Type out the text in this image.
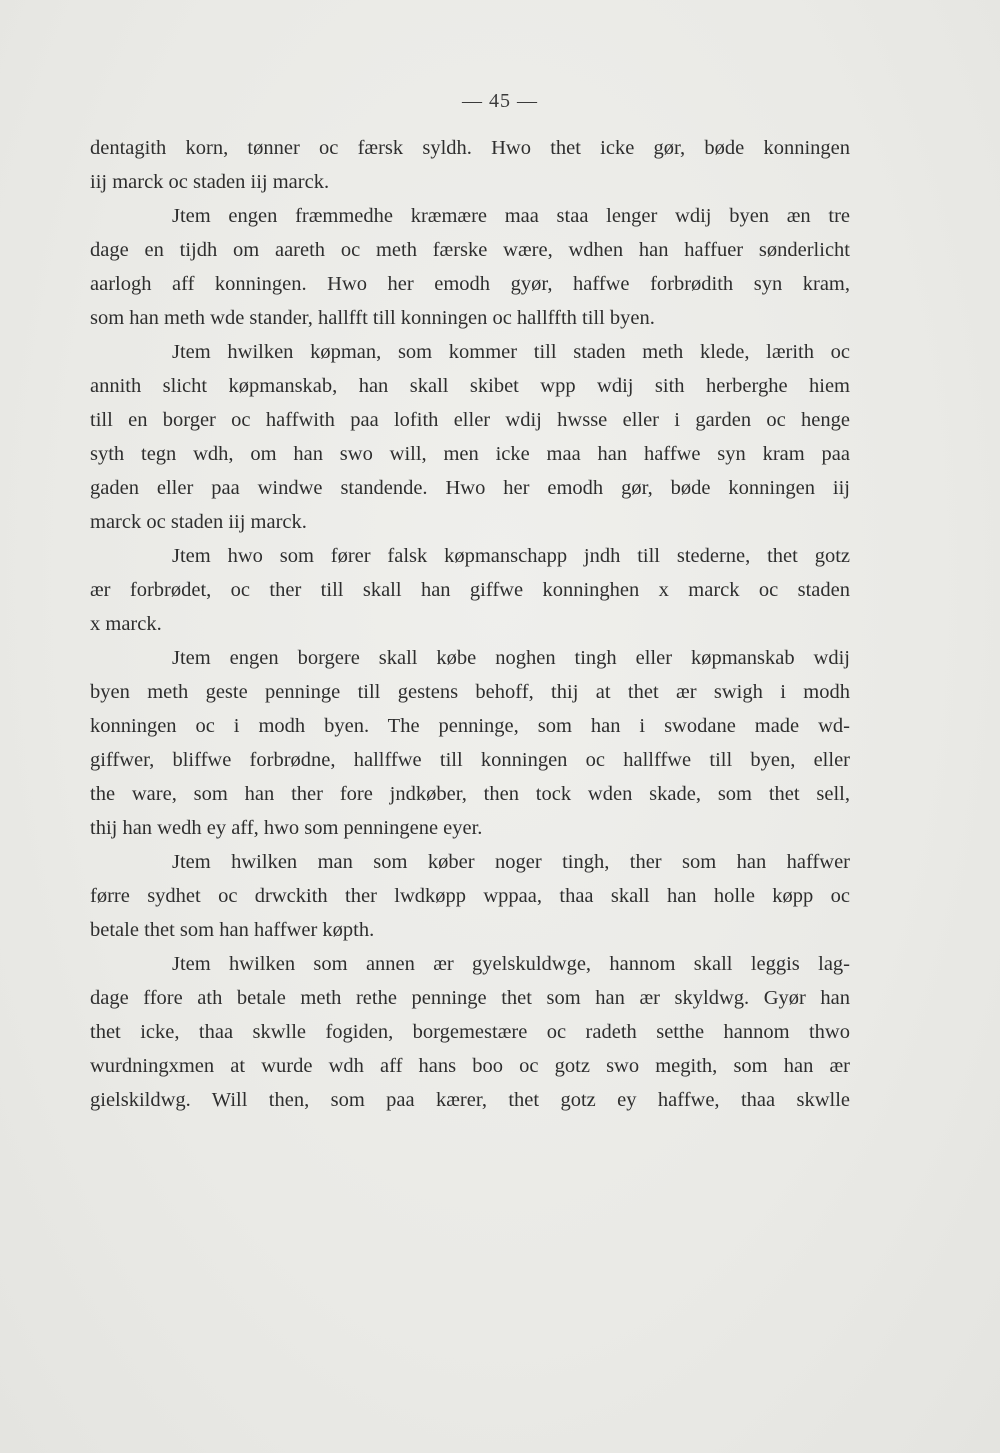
— 45 —
dentagith korn, tønner oc færsk syldh. Hwo thet icke gør, bøde konningen
iij marck oc staden iij marck.
Jtem engen fræmmedhe kræmære maa staa lenger wdij byen æn tre
dage en tijdh om aareth oc meth færske wære, wdhen han haffuer sønderlicht
aarlogh aff konningen. Hwo her emodh gyør, haffwe forbrødith syn kram,
som han meth wde stander, hallfft till konningen oc hallffth till byen.
Jtem hwilken køpman, som kommer till staden meth klede, lærith oc
annith slicht køpmanskab, han skall skibet wpp wdij sith herberghe hiem
till en borger oc haffwith paa lofith eller wdij hwsse eller i garden oc henge
syth tegn wdh, om han swo will, men icke maa han haffwe syn kram paa
gaden eller paa windwe standende. Hwo her emodh gør, bøde konningen iij
marck oc staden iij marck.
Jtem hwo som fører falsk køpmanschapp jndh till stederne, thet gotz
ær forbrødet, oc ther till skall han giffwe konninghen x marck oc staden
x marck.
Jtem engen borgere skall købe noghen tingh eller køpmanskab wdij
byen meth geste penninge till gestens behoff, thij at thet ær swigh i modh
konningen oc i modh byen. The penninge, som han i swodane made wd-
giffwer, bliffwe forbrødne, hallffwe till konningen oc hallffwe till byen, eller
the ware, som han ther fore jndkøber, then tock wden skade, som thet sell,
thij han wedh ey aff, hwo som penningene eyer.
Jtem hwilken man som køber noger tingh, ther som han haffwer
førre sydhet oc drwckith ther lwdkøpp wppaa, thaa skall han holle køpp oc
betale thet som han haffwer køpth.
Jtem hwilken som annen ær gyelskuldwge, hannom skall leggis lag-
dage ffore ath betale meth rethe penninge thet som han ær skyldwg. Gyør han
thet icke, thaa skwlle fogiden, borgemestære oc radeth setthe hannom thwo
wurdningxmen at wurde wdh aff hans boo oc gotz swo megith, som han ær
gielskildwg. Will then, som paa kærer, thet gotz ey haffwe, thaa skwlle
